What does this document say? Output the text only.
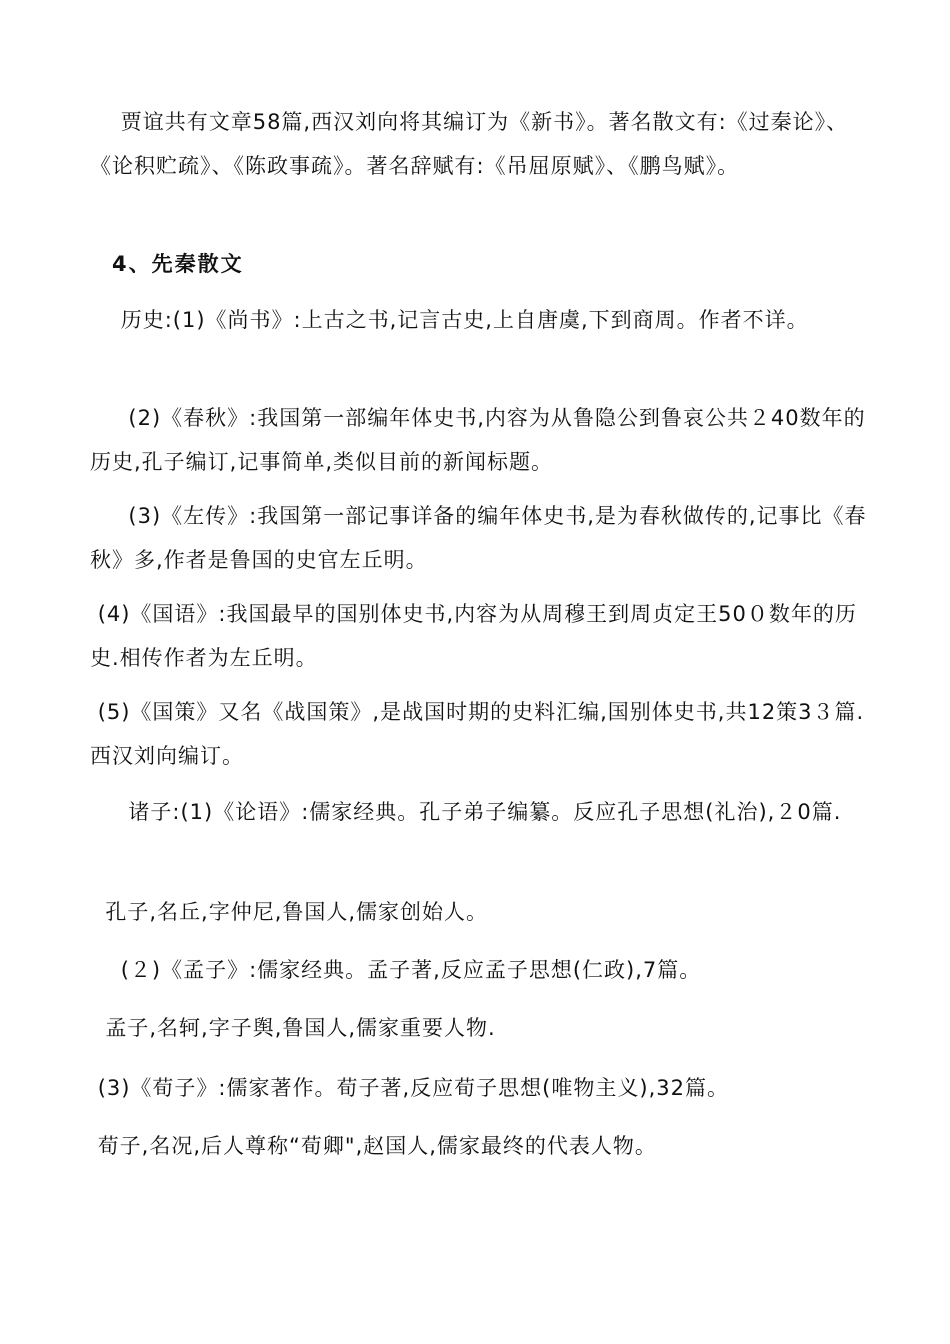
贾谊共有文章58篇,西汉刘向将其编订为《新书》。著名散文有:《过秦论》、《论积贮疏》、《陈政事疏》。著名辞赋有:《吊屈原赋》、《鹏鸟赋》。
4、先秦散文
历史:(1)《尚书》:上古之书,记言古史,上自唐虞,下到商周。作者不详。
(2)《春秋》:我国第一部编年体史书,内容为从鲁隐公到鲁哀公共２40数年的历史,孔子编订,记事简单,类似目前的新闻标题。
(3)《左传》:我国第一部记事详备的编年体史书,是为春秋做传的,记事比《春秋》多,作者是鲁国的史官左丘明。
(4)《国语》:我国最早的国别体史书,内容为从周穆王到周贞定王50０数年的历史.相传作者为左丘明。
(5)《国策》又名《战国策》,是战国时期的史料汇编,国别体史书,共12策3３篇.西汉刘向编订。
诸子:(1)《论语》:儒家经典。孔子弟子编纂。反应孔子思想(礼治),２0篇.
孔子,名丘,字仲尼,鲁国人,儒家创始人。
(２)《孟子》:儒家经典。孟子著,反应孟子思想(仁政),7篇。
孟子,名轲,字子舆,鲁国人,儒家重要人物.
(3)《荀子》:儒家著作。荀子著,反应荀子思想(唯物主义),32篇。
荀子,名况,后人尊称“荀卿",赵国人,儒家最终的代表人物。
